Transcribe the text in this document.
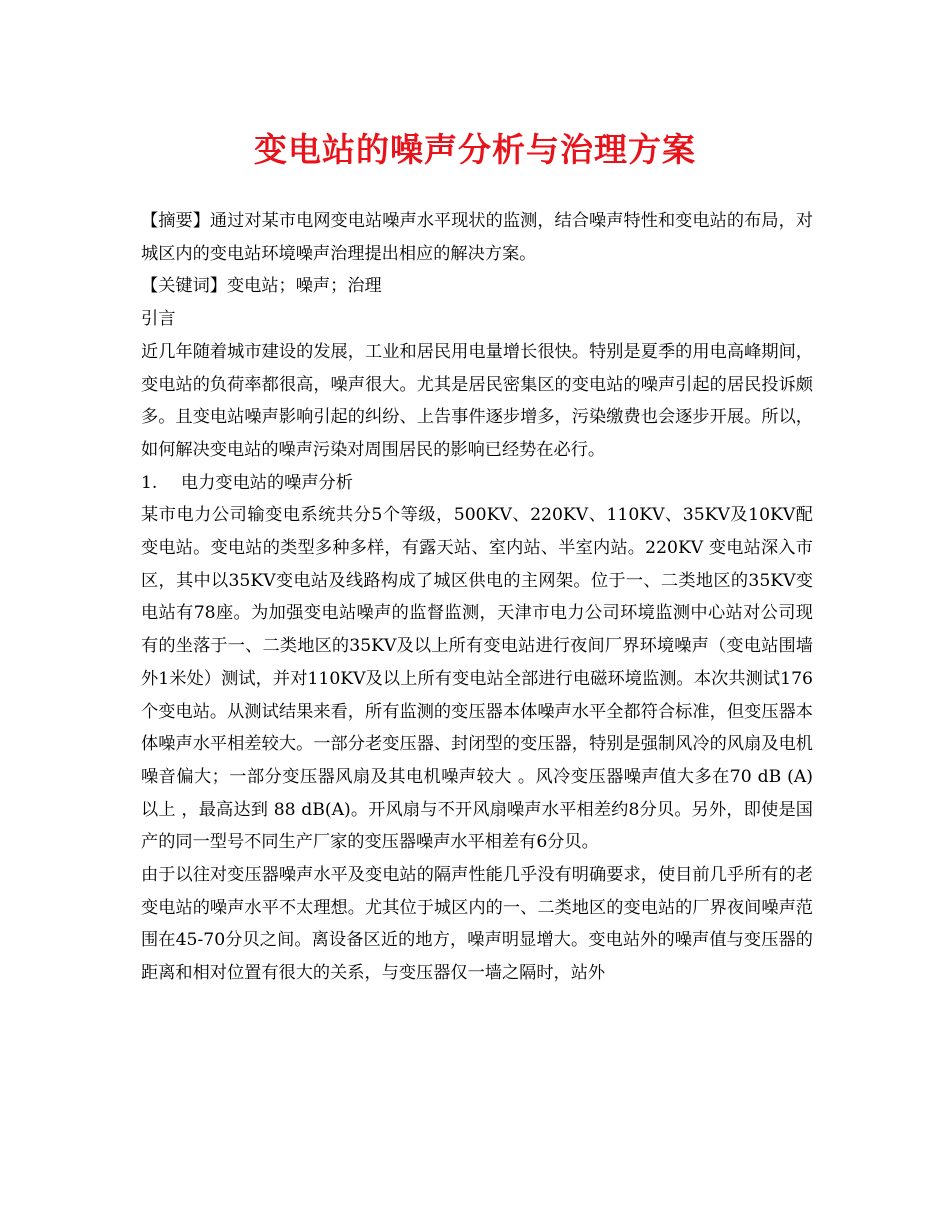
变电站的噪声分析与治理方案

【摘要】通过对某市电网变电站噪声水平现状的监测，结合噪声特性和变电站的布局，对城区内的变电站环境噪声治理提出相应的解决方案。

【关键词】变电站；噪声；治理

引言

近几年随着城市建设的发展，工业和居民用电量增长很快。特别是夏季的用电高峰期间，变电站的负荷率都很高，噪声很大。尤其是居民密集区的变电站的噪声引起的居民投诉颇多。且变电站噪声影响引起的纠纷、上告事件逐步增多，污染缴费也会逐步开展。所以，如何解决变电站的噪声污染对周围居民的影响已经势在必行。

1. 电力变电站的噪声分析

某市电力公司输变电系统共分5个等级，500KV、220KV、110KV、35KV及10KV配变电站。变电站的类型多种多样，有露天站、室内站、半室内站。220KV 变电站深入市区，其中以35KV变电站及线路构成了城区供电的主网架。位于一、二类地区的35KV变电站有78座。为加强变电站噪声的监督监测，天津市电力公司环境监测中心站对公司现有的坐落于一、二类地区的35KV及以上所有变电站进行夜间厂界环境噪声（变电站围墙外1米处）测试，并对110KV及以上所有变电站全部进行电磁环境监测。本次共测试176个变电站。从测试结果来看，所有监测的变压器本体噪声水平全都符合标准，但变压器本体噪声水平相差较大。一部分老变压器、封闭型的变压器，特别是强制风冷的风扇及电机噪音偏大；一部分变压器风扇及其电机噪声较大 。风冷变压器噪声值大多在70 dB (A)以上 ，最高达到 88 dB(A)。开风扇与不开风扇噪声水平相差约8分贝。另外，即使是国产的同一型号不同生产厂家的变压器噪声水平相差有6分贝。

由于以往对变压器噪声水平及变电站的隔声性能几乎没有明确要求，使目前几乎所有的老变电站的噪声水平不太理想。尤其位于城区内的一、二类地区的变电站的厂界夜间噪声范围在45-70分贝之间。离设备区近的地方，噪声明显增大。变电站外的噪声值与变压器的距离和相对位置有很大的关系，与变压器仅一墙之隔时，站外
